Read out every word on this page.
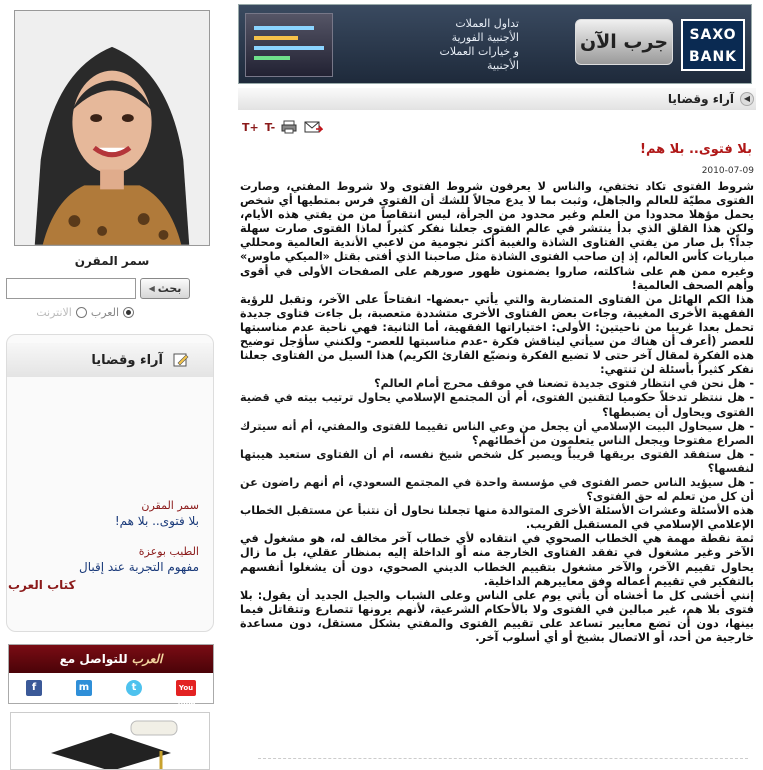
سمر المقرن
◀ بحث
العرب
الانترنت
آراء وقضايا
سمر المقرن
بلا فتوى.. بلا هم!
الطيب بوعزة
مفهوم التجربة عند إقبال
كتاب العرب
للتواصل مع العرب
f	m	t	You Tube
تداول العملات
الأجنبية الفورية
و خيارات العملات
الأجنبية
جرب الآن	SAXO
BANK
آراء وقضايا	◀
T+ T-
بلا فتوى.. بلا هم!
2010-07-09

شروط الفتوى تكاد تختفي، والناس لا يعرفون شروط الفتوى ولا شروط المفتي، وصارت الفتوى مطيّة للعالم والجاهل، وثبت بما لا يدع مجالاً للشك أن الفتوى فرس بمتطيها أي شخص يحمل مؤهلا محدودا من العلم وغير محدود من الجرأة، ليس انتقاصاً من من يفتي هذه الأيام، ولكن هذا القلق الذي بدأ ينتشر في عالم الفتوى جعلنا نفكر كثيراً لماذا الفتوى صارت سهلة جداً؟ بل صار من يفتي الفتاوى الشاذة والغيبة أكثر نجومية من لاعبي الأندية العالمية ومحللي مباريات كأس العالم، إذ إن صاحب الفتوى الشاذة مثل صاحبنا الذي أفتى بقتل «الميكي ماوس» وغيره ممن هم على شاكلته، صاروا يضمنون ظهور صورهم على الصفحات الأولى في أقوى وأهم الصحف العالمية!

هذا الكم الهائل من الفتاوى المتضاربة والتي يأتي -بعضها- انفتاحاً على الآخر، وتقبل للرؤية الفقهية الأخرى المغيبة، وجاءت بعض الفتاوى الأخرى متشددة متعصبة، بل جاءت فتاوى جديدة تحمل بعدا غريبا من ناحيتين: الأولى: اختياراتها الفقهية، أما الثانية: فهي ناحية عدم مناسبتها للعصر (أعرف أن هناك من سيأتي ليناقش فكرة -عدم مناسبتها للعصر- ولكنني سأؤجل توضيح هذه الفكرة لمقال آخر حتى لا تضيع الفكرة ونضيّع القارئ الكريم) هذا السيل من الفتاوى جعلنا نفكر كثيراً بأسئلة لن تنتهي:

- هل نحن في انتظار فتوى جديدة تضعنا في موقف محرج أمام العالم؟

- هل ننتظر تدخلاً حكوميا لتقنين الفتوى، أم أن المجتمع الإسلامي يحاول ترتيب بيته في قضية الفتوى ويحاول أن يضبطها؟

- هل سيحاول البيت الإسلامي أن يجعل من وعي الناس تقييما للفتوى والمفتي، أم أنه سيترك الصراع مفتوحا ويجعل الناس يتعلمون من أخطائهم؟

- هل ستفقد الفتوى بريقها قريباً ويصير كل شخص شيخ نفسه، أم أن الفتاوى ستعيد هيبتها لنفسها؟

- هل سيؤيد الناس حصر الفتوى في مؤسسة واحدة في المجتمع السعودي، أم أنهم راضون عن أن كل من تعلم له حق الفتوى؟

هذه الأسئلة وعشرات الأسئلة الأخرى المتوالدة منها تجعلنا نحاول أن نتنبأ عن مستقبل الخطاب الإعلامي الإسلامي في المستقبل القريب.

ثمة نقطة مهمة هي الخطاب الصحوي في انتقاده لأي خطاب آخر مخالف له، هو مشغول في الآخر وغير مشغول في تفقد الفتاوى الخارجة منه أو الداخلة إليه بمنظار عقلي، بل ما زال يحاول تقييم الآخر، والآخر مشغول بتقييم الخطاب الديني الصحوي، دون أن يشغلوا أنفسهم بالتفكير في تقييم أعماله وفق معاييرهم الداخلية.

إنني أخشى كل ما أخشاه أن يأتي يوم على الناس وعلى الشباب والجيل الجديد أن يقول: بلا فتوى بلا هم، غير مبالين في الفتوى ولا بالأحكام الشرعية، لأنهم يرونها تتصارع وتتقاتل فيما بينها، دون أن تضع معايير تساعد على تقييم الفتوى والمفتي بشكل مستقل، دون مساعدة خارجية من أحد، أو الاتصال بشيخ أو أي أسلوب آخر.
